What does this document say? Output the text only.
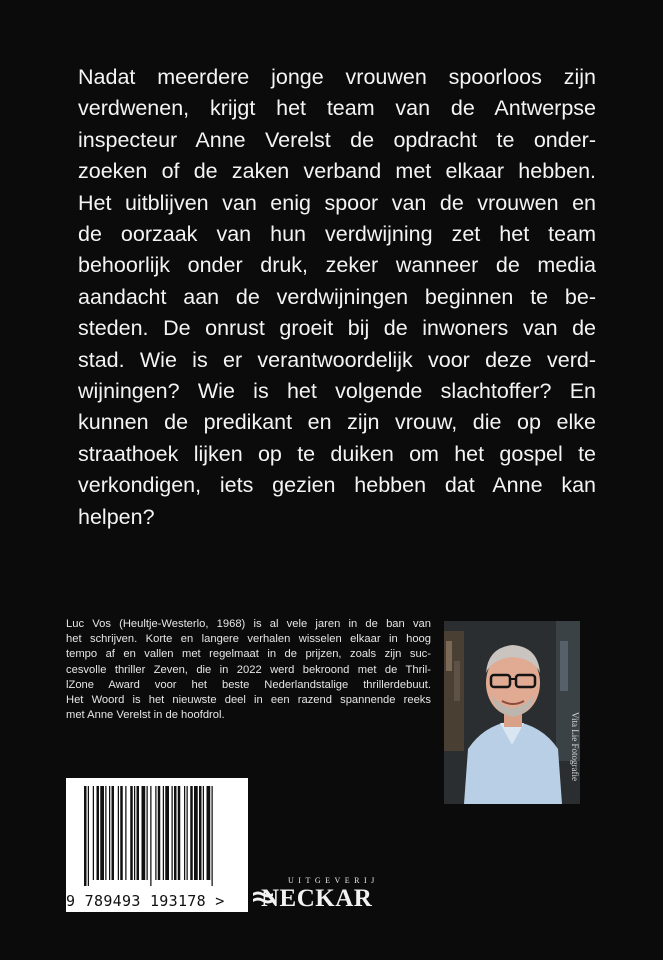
Nadat meerdere jonge vrouwen spoorloos zijn
verdwenen, krijgt het team van de Antwerpse
inspecteur Anne Verelst de opdracht te onder-
zoeken of de zaken verband met elkaar hebben.
Het uitblijven van enig spoor van de vrouwen en
de oorzaak van hun verdwijning zet het team
behoorlijk onder druk, zeker wanneer de media
aandacht aan de verdwijningen beginnen te be-
steden. De onrust groeit bij de inwoners van de
stad. Wie is er verantwoordelijk voor deze verd-
wijningen? Wie is het volgende slachtoffer? En
kunnen de predikant en zijn vrouw, die op elke
straathoek lijken op te duiken om het gospel te
verkondigen, iets gezien hebben dat Anne kan
helpen?
Luc Vos (Heultje-Westerlo, 1968) is al vele jaren in de ban van
het schrijven. Korte en langere verhalen wisselen elkaar in hoog
tempo af en vallen met regelmaat in de prijzen, zoals zijn suc-
cesvolle thriller Zeven, die in 2022 werd bekroond met de Thril-
lZone Award voor het beste Nederlandstalige thrillerdebuut.
Het Woord is het nieuwste deel in een razend spannende reeks
met Anne Verelst in de hoofdrol.	Vita Lie Fotografie
9 789493 193178 >
UITGEVERIJ
NECKAR
